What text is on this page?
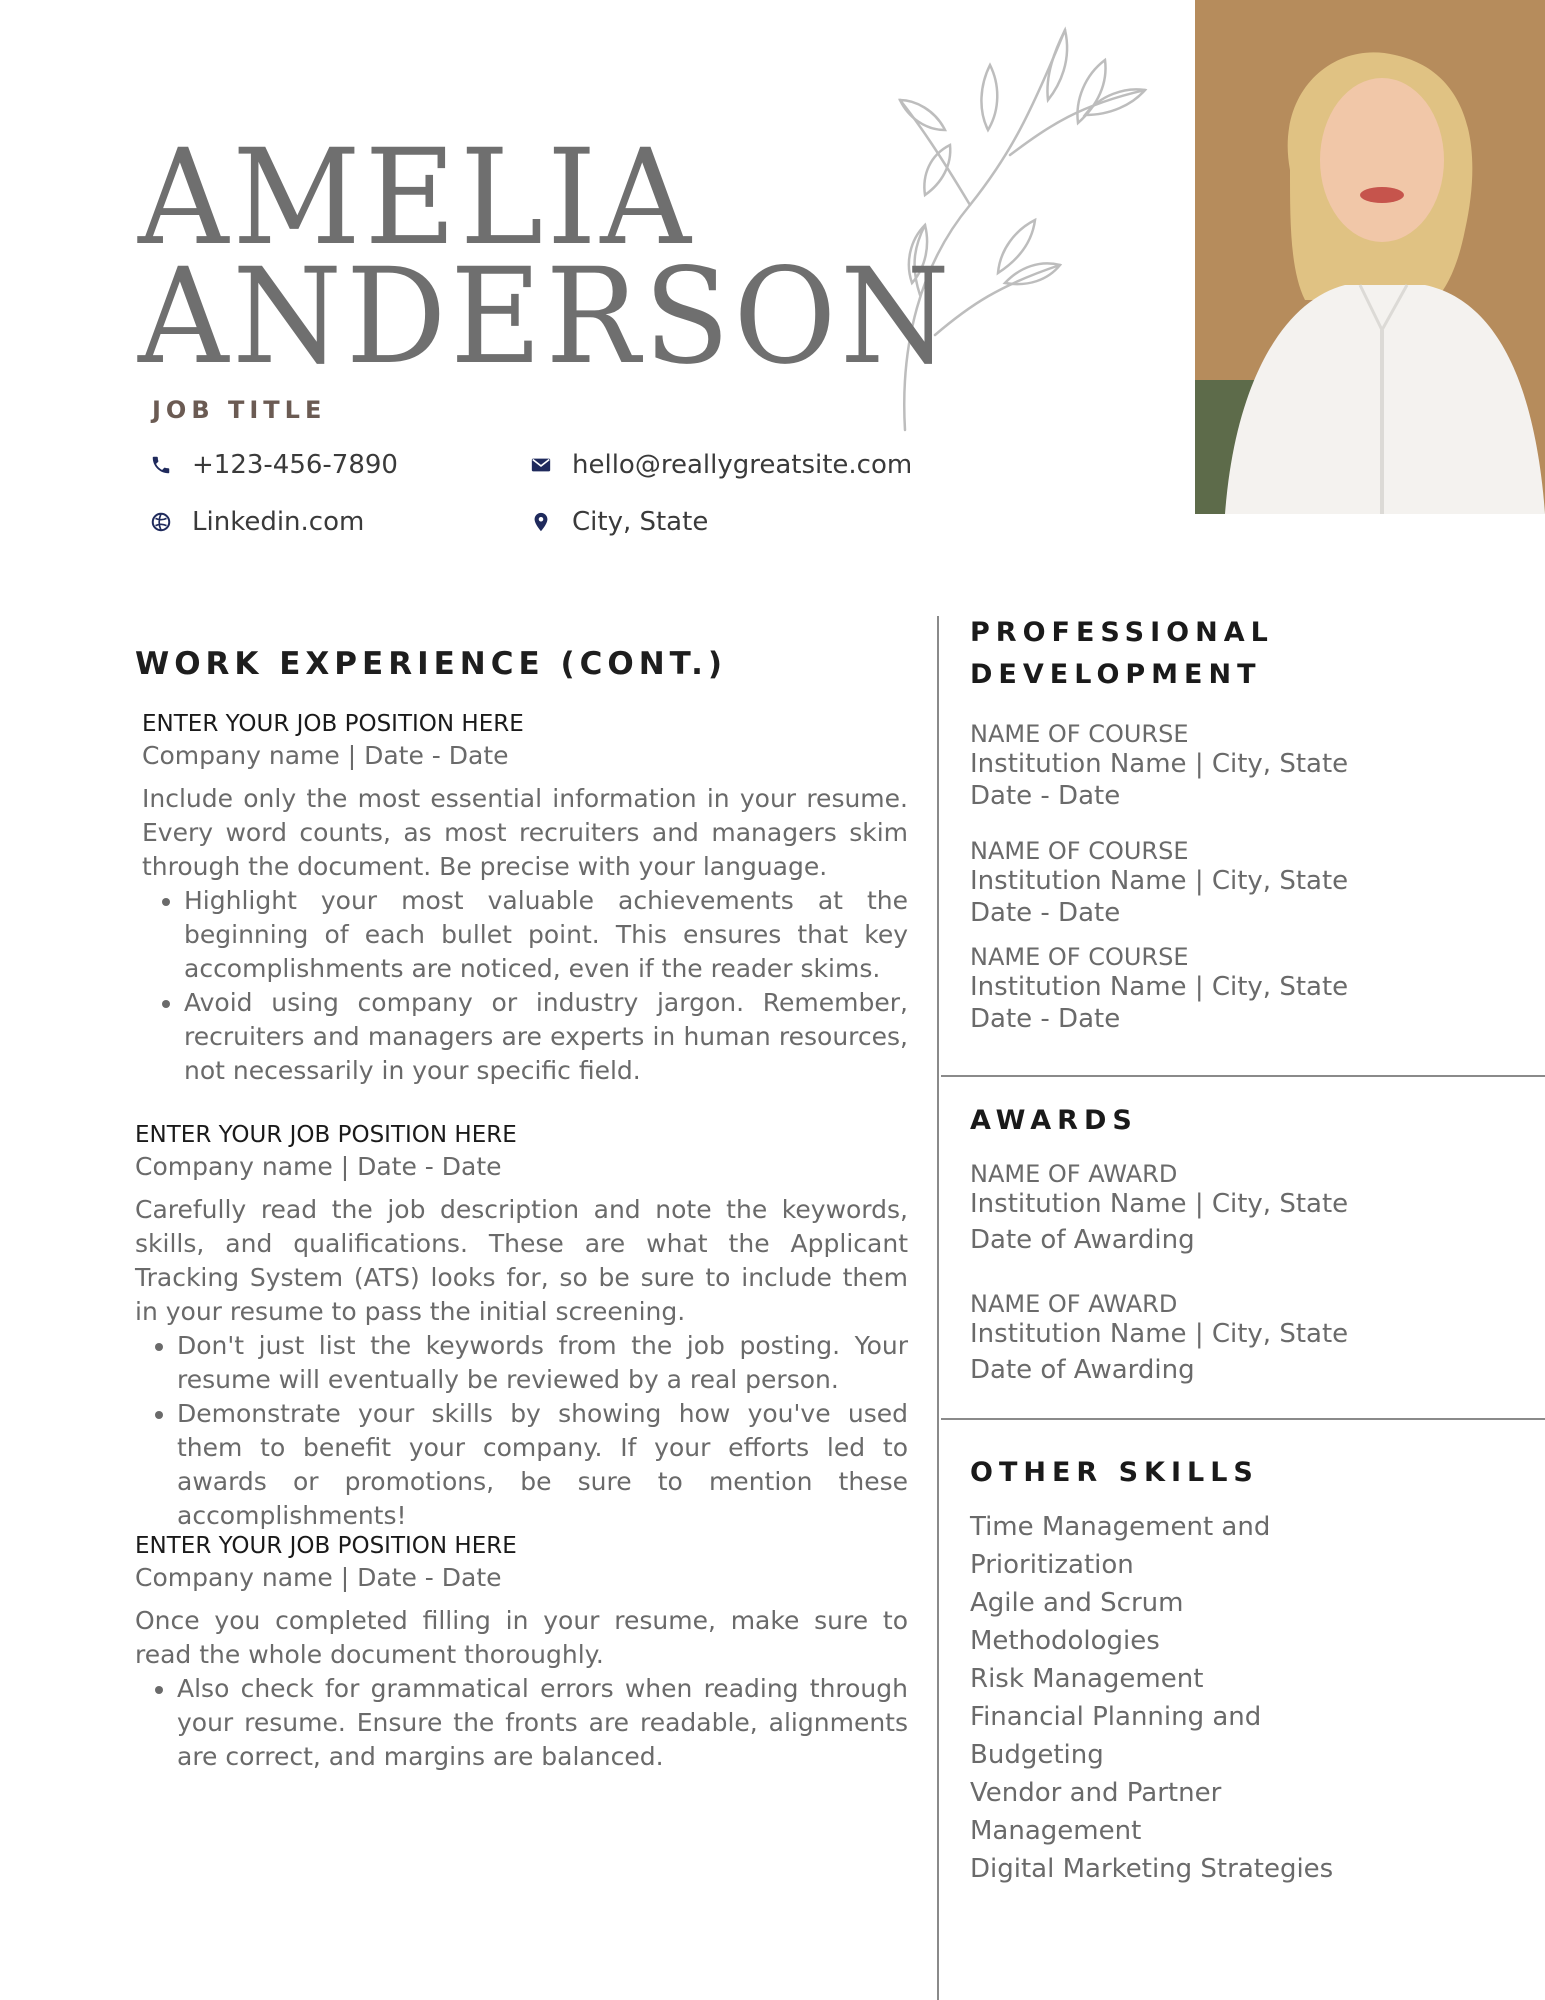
AMELIA
ANDERSON
JOB TITLE
+123-456-7890	hello@reallygreatsite.com
Linkedin.com	City, State
WORK EXPERIENCE (CONT.)
ENTER YOUR JOB POSITION HERE
Company name | Date - Date

Include only the most essential information in your resume. Every word counts, as most recruiters and managers skim through the document. Be precise with your language.

• Highlight your most valuable achievements at the beginning of each bullet point. This ensures that key accomplishments are noticed, even if the reader skims.
• Avoid using company or industry jargon. Remember, recruiters and managers are experts in human resources, not necessarily in your specific field.
ENTER YOUR JOB POSITION HERE
Company name | Date - Date

Carefully read the job description and note the keywords, skills, and qualifications. These are what the Applicant Tracking System (ATS) looks for, so be sure to include them in your resume to pass the initial screening.

• Don't just list the keywords from the job posting. Your resume will eventually be reviewed by a real person.
• Demonstrate your skills by showing how you've used them to benefit your company. If your efforts led to awards or promotions, be sure to mention these accomplishments!
ENTER YOUR JOB POSITION HERE
Company name | Date - Date

Once you completed filling in your resume, make sure to read the whole document thoroughly.

• Also check for grammatical errors when reading through your resume. Ensure the fronts are readable, alignments are correct, and margins are balanced.
PROFESSIONAL
DEVELOPMENT
NAME OF COURSE
Institution Name | City, State
Date - Date
NAME OF COURSE
Institution Name | City, State
Date - Date
NAME OF COURSE
Institution Name | City, State
Date - Date
AWARDS
NAME OF AWARD
Institution Name | City, State
Date of Awarding
NAME OF AWARD
Institution Name | City, State
Date of Awarding
OTHER SKILLS
Time Management and
Prioritization
Agile and Scrum
Methodologies
Risk Management
Financial Planning and
Budgeting
Vendor and Partner
Management
Digital Marketing Strategies
